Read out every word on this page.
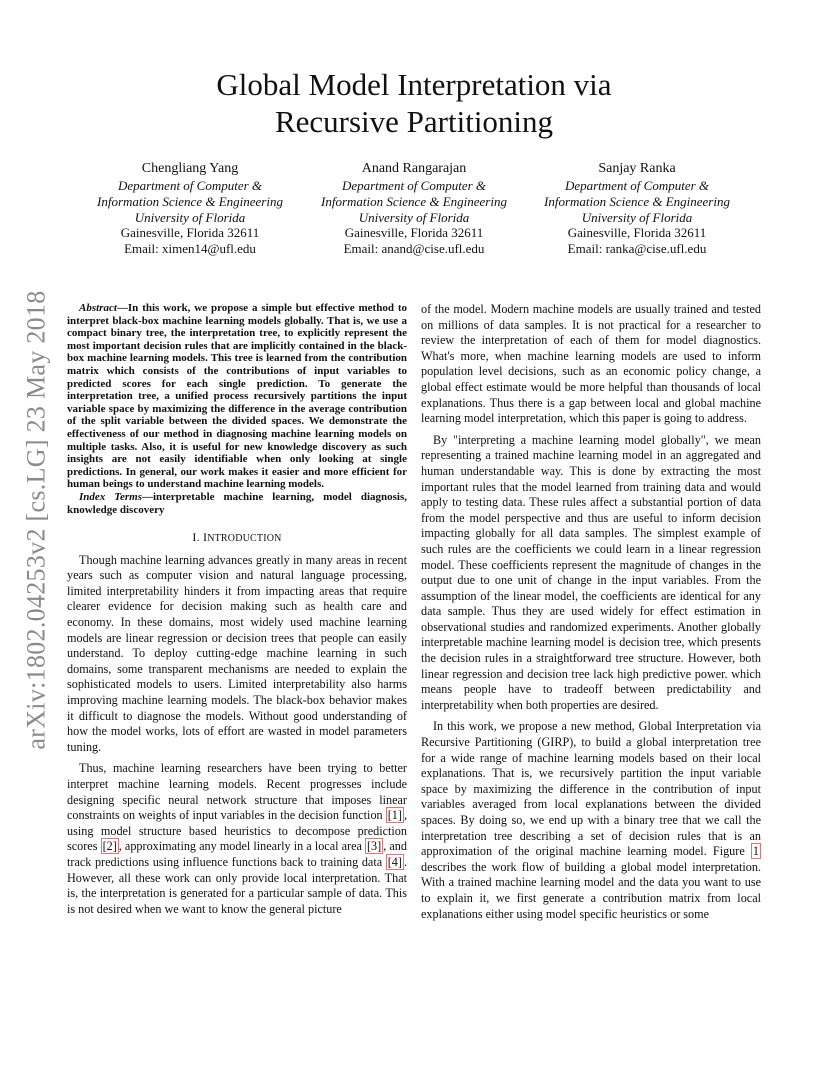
arXiv:1802.04253v2 [cs.LG] 23 May 2018
Global Model Interpretation via
Recursive Partitioning
Chengliang Yang
Department of Computer &
Information Science & Engineering
University of Florida
Gainesville, Florida 32611
Email: ximen14@ufl.edu
Anand Rangarajan
Department of Computer &
Information Science & Engineering
University of Florida
Gainesville, Florida 32611
Email: anand@cise.ufl.edu
Sanjay Ranka
Department of Computer &
Information Science & Engineering
University of Florida
Gainesville, Florida 32611
Email: ranka@cise.ufl.edu

Abstract—In this work, we propose a simple but effective method to interpret black-box machine learning models globally. That is, we use a compact binary tree, the interpretation tree, to explicitly represent the most important decision rules that are implicitly contained in the black-box machine learning models. This tree is learned from the contribution matrix which consists of the contributions of input variables to predicted scores for each single prediction. To generate the interpretation tree, a unified process recursively partitions the input variable space by maximizing the difference in the average contribution of the split variable between the divided spaces. We demonstrate the effectiveness of our method in diagnosing machine learning models on multiple tasks. Also, it is useful for new knowledge discovery as such insights are not easily identifiable when only looking at single predictions. In general, our work makes it easier and more efficient for human beings to understand machine learning models.

Index Terms—interpretable machine learning, model diagnosis, knowledge discovery

I. INTRODUCTION

Though machine learning advances greatly in many areas in recent years such as computer vision and natural language processing, limited interpretability hinders it from impacting areas that require clearer evidence for decision making such as health care and economy. In these domains, most widely used machine learning models are linear regression or decision trees that people can easily understand. To deploy cutting-edge machine learning in such domains, some transparent mechanisms are needed to explain the sophisticated models to users. Limited interpretability also harms improving machine learning models. The black-box behavior makes it difficult to diagnose the models. Without good understanding of how the model works, lots of effort are wasted in model parameters tuning.

Thus, machine learning researchers have been trying to better interpret machine learning models. Recent progresses include designing specific neural network structure that imposes linear constraints on weights of input variables in the decision function [1] , using model structure based heuristics to decompose prediction scores [2] , approximating any model linearly in a local area [3] , and track predictions using influence functions back to training data [4] . However, all these work can only provide local interpretation. That is, the interpretation is generated for a particular sample of data. This is not desired when we want to know the general picture

of the model. Modern machine models are usually trained and tested on millions of data samples. It is not practical for a researcher to review the interpretation of each of them for model diagnostics. What's more, when machine learning models are used to inform population level decisions, such as an economic policy change, a global effect estimate would be more helpful than thousands of local explanations. Thus there is a gap between local and global machine learning model interpretation, which this paper is going to address.

By "interpreting a machine learning model globally", we mean representing a trained machine learning model in an aggregated and human understandable way. This is done by extracting the most important rules that the model learned from training data and would apply to testing data. These rules affect a substantial portion of data from the model perspective and thus are useful to inform decision impacting globally for all data samples. The simplest example of such rules are the coefficients we could learn in a linear regression model. These coefficients represent the magnitude of changes in the output due to one unit of change in the input variables. From the assumption of the linear model, the coefficients are identical for any data sample. Thus they are used widely for effect estimation in observational studies and randomized experiments. Another globally interpretable machine learning model is decision tree, which presents the decision rules in a straightforward tree structure. However, both linear regression and decision tree lack high predictive power. which means people have to tradeoff between predictability and interpretability when both properties are desired.

In this work, we propose a new method, Global Interpretation via Recursive Partitioning (GIRP), to build a global interpretation tree for a wide range of machine learning models based on their local explanations. That is, we recursively partition the input variable space by maximizing the difference in the contribution of input variables averaged from local explanations between the divided spaces. By doing so, we end up with a binary tree that we call the interpretation tree describing a set of decision rules that is an approximation of the original machine learning model. Figure 1 describes the work flow of building a global model interpretation. With a trained machine learning model and the data you want to use to explain it, we first generate a contribution matrix from local explanations either using model specific heuristics or some
